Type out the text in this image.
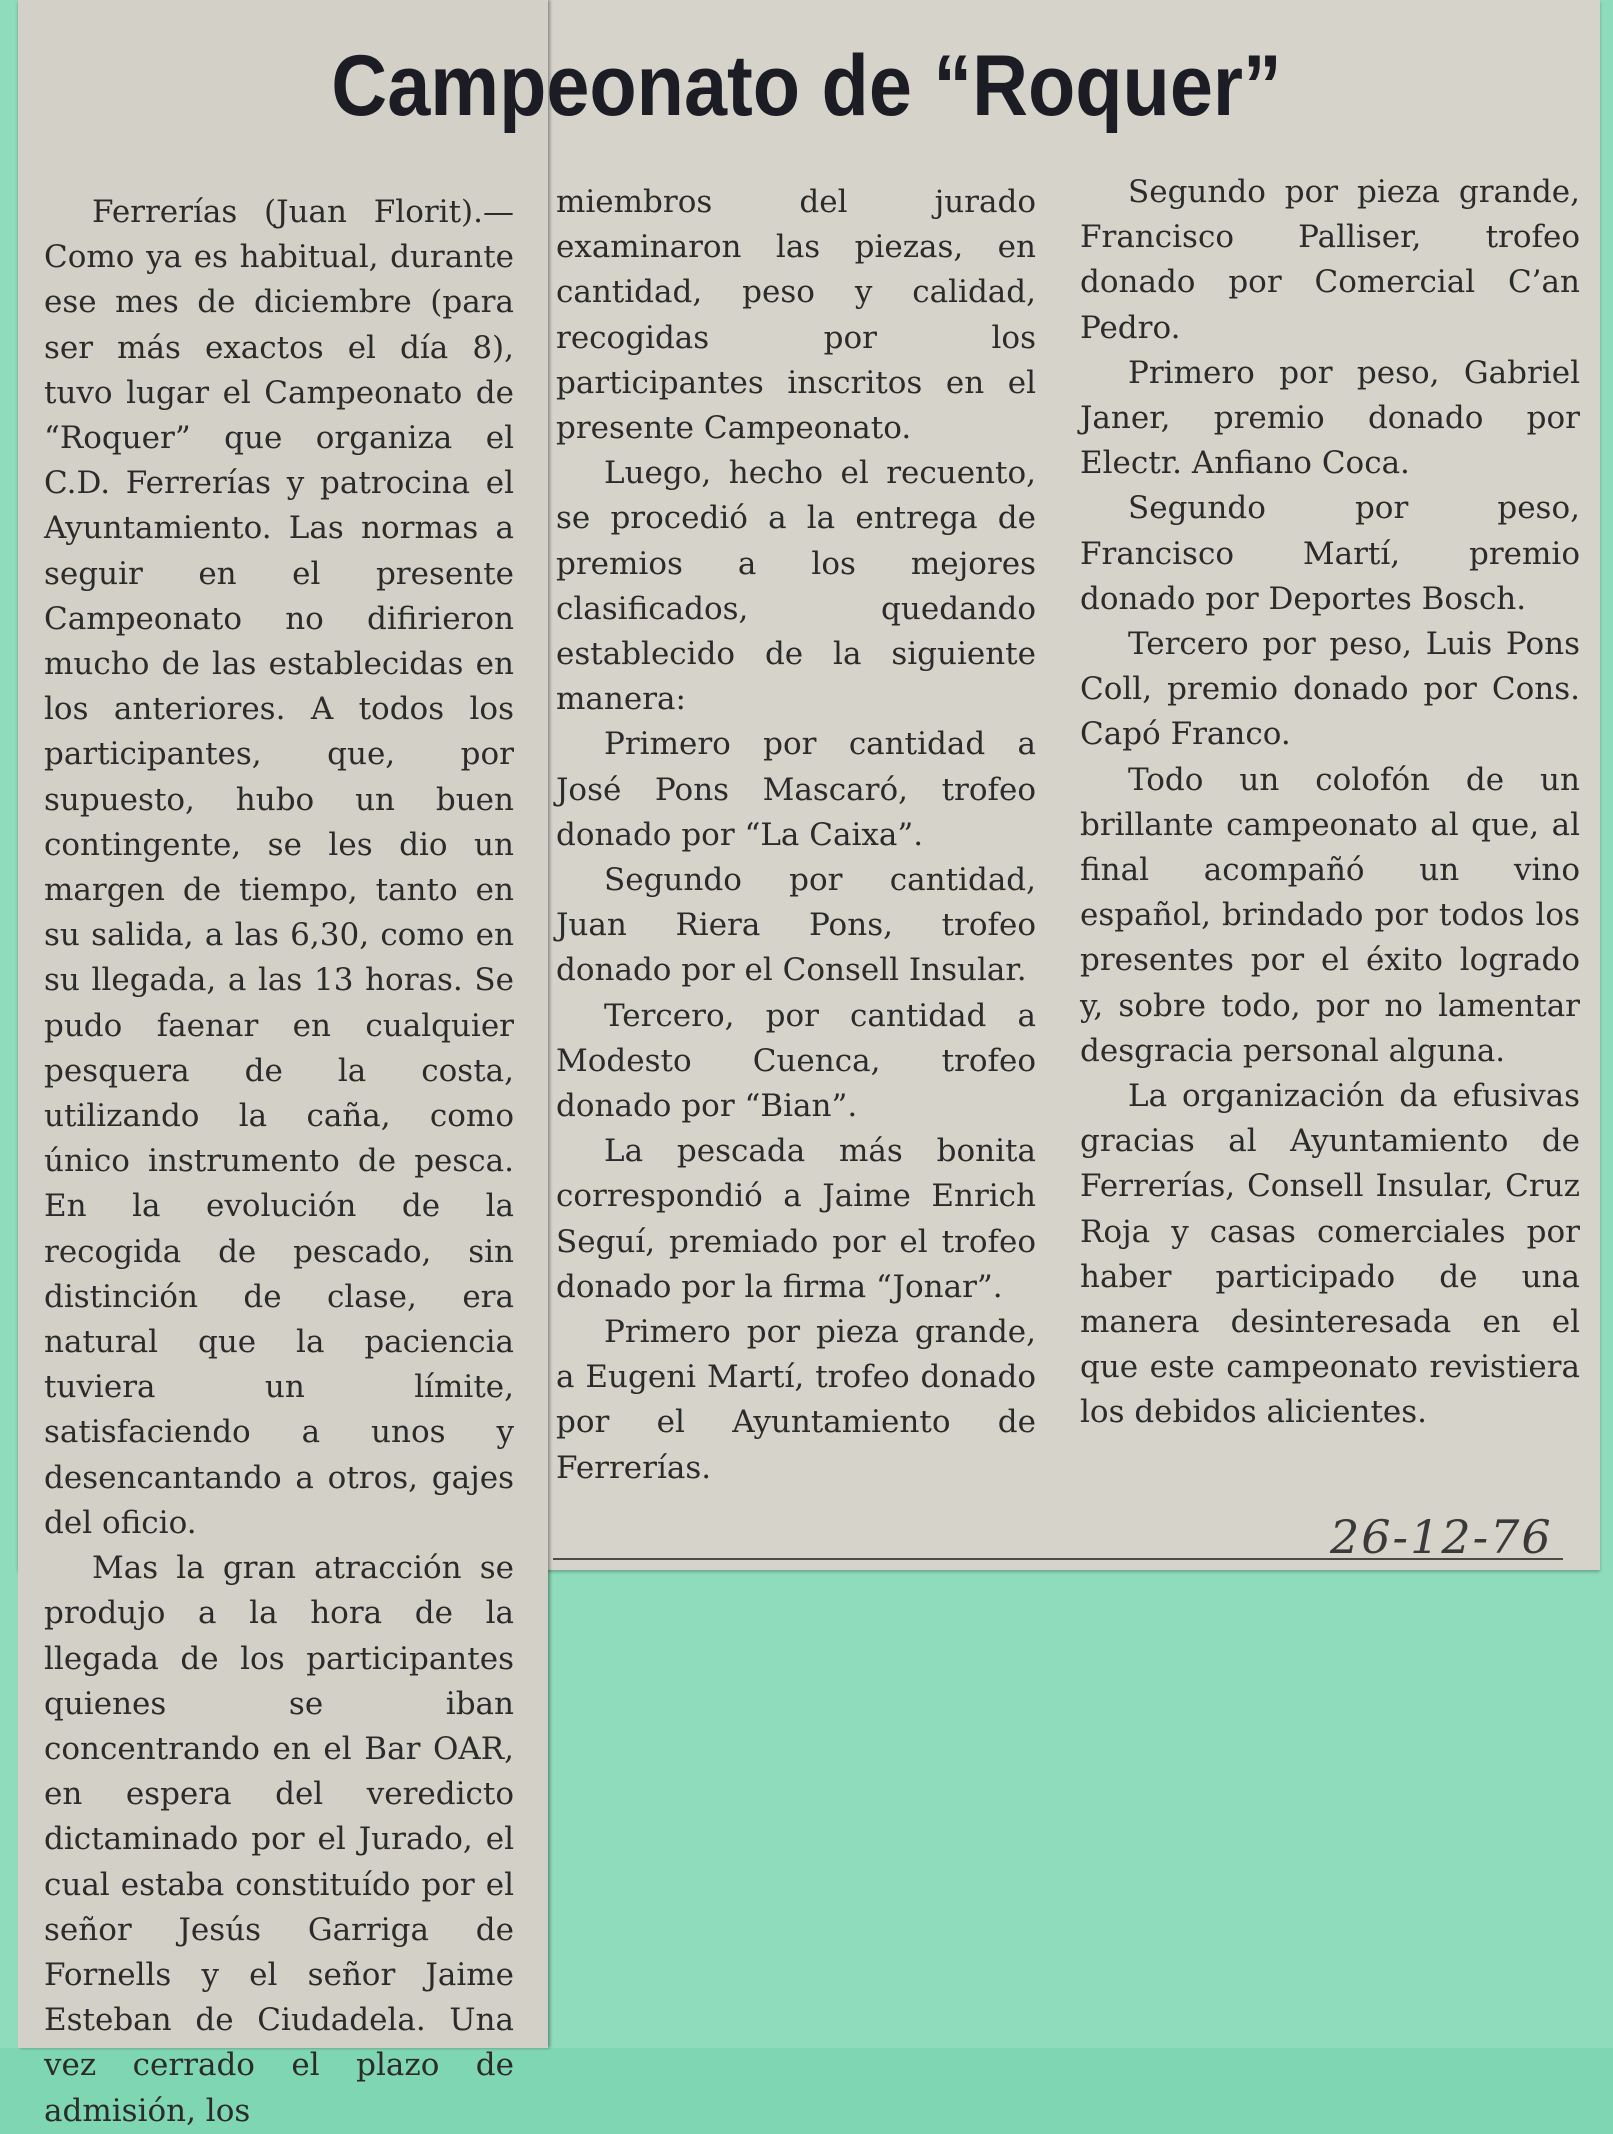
Campeonato de “Roquer”

Ferrerías (Juan Florit).— Como ya es habitual, durante ese mes de diciembre (para ser más exactos el día 8), tuvo lugar el Campeonato de “Roquer” que organiza el C.D. Ferrerías y patrocina el Ayuntamiento. Las normas a seguir en el presente Campeonato no difirieron mucho de las establecidas en los anteriores. A todos los participantes, que, por supuesto, hubo un buen contingente, se les dio un margen de tiempo, tanto en su salida, a las 6,30, como en su llegada, a las 13 horas. Se pudo faenar en cualquier pesquera de la costa, utilizando la caña, como único instrumento de pesca. En la evolución de la recogida de pescado, sin distinción de clase, era natural que la paciencia tuviera un límite, satisfaciendo a unos y desencantando a otros, gajes del oficio.

Mas la gran atracción se produjo a la hora de la llegada de los participantes quienes se iban concentrando en el Bar OAR, en espera del veredicto dictaminado por el Jurado, el cual estaba constituído por el señor Jesús Garriga de Fornells y el señor Jaime Esteban de Ciudadela. Una vez cerrado el plazo de admisión, los

miembros del jurado examinaron las piezas, en cantidad, peso y calidad, recogidas por los participantes inscritos en el presente Campeonato.

Luego, hecho el recuento, se procedió a la entrega de premios a los mejores clasificados, quedando establecido de la siguiente manera:

Primero por cantidad a José Pons Mascaró, trofeo donado por “La Caixa”.

Segundo por cantidad, Juan Riera Pons, trofeo donado por el Consell Insular.

Tercero, por cantidad a Modesto Cuenca, trofeo donado por “Bian”.

La pescada más bonita correspondió a Jaime Enrich Seguí, premiado por el trofeo donado por la firma “Jonar”.

Primero por pieza grande, a Eugeni Martí, trofeo donado por el Ayuntamiento de Ferrerías.

Segundo por pieza grande, Francisco Palliser, trofeo donado por Comercial C’an Pedro.

Primero por peso, Gabriel Janer, premio donado por Electr. Anfiano Coca.

Segundo por peso, Francisco Martí, premio donado por Deportes Bosch.

Tercero por peso, Luis Pons Coll, premio donado por Cons. Capó Franco.

Todo un colofón de un brillante campeonato al que, al final acompañó un vino español, brindado por todos los presentes por el éxito logrado y, sobre todo, por no lamentar desgracia personal alguna.

La organización da efusivas gracias al Ayuntamiento de Ferrerías, Consell Insular, Cruz Roja y casas comerciales por haber participado de una manera desinteresada en el que este campeonato revistiera los debidos alicientes.

26-12-76
